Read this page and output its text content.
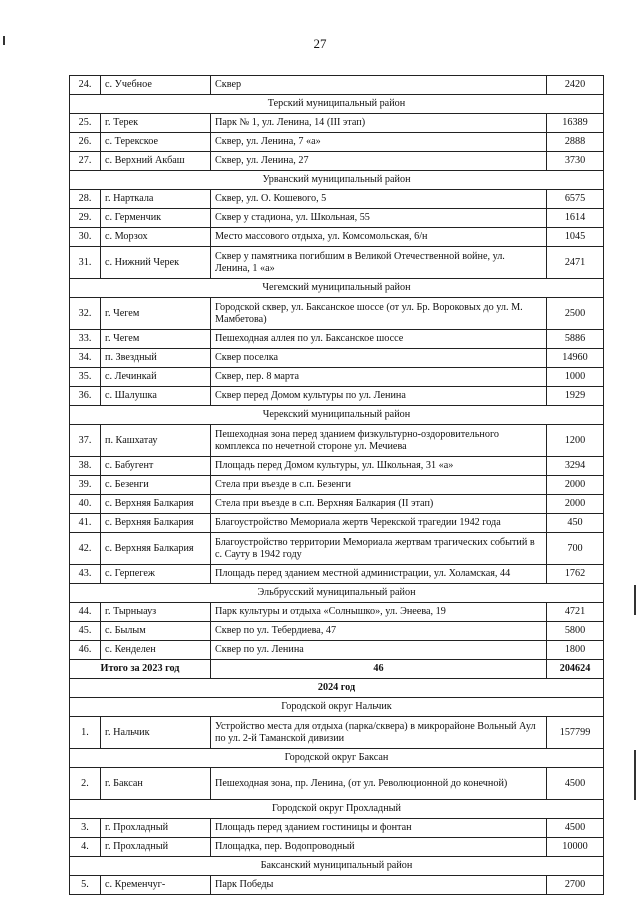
27
24.	с. Учебное	Сквер	2420
Терский муниципальный район			
25.	г. Терек	Парк № 1, ул. Ленина, 14 (III этап)	16389
26.	с. Терекское	Сквер, ул. Ленина, 7 «а»	2888
27.	с. Верхний Акбаш	Сквер, ул. Ленина, 27	3730
Урванский муниципальный район			
28.	г. Нарткала	Сквер, ул. О. Кошевого, 5	6575
29.	с. Герменчик	Сквер у стадиона, ул. Школьная, 55	1614
30.	с. Морзох	Место массового отдыха, ул. Комсомольская, 6/н	1045
31.	с. Нижний Черек	Сквер у памятника погибшим в Великой Отечественной войне, ул. Ленина, 1 «а»	2471
Чегемский муниципальный район			
32.	г. Чегем	Городской сквер, ул. Баксанское шоссе (от ул. Бр. Вороковых до ул. М. Мамбетова)	2500
33.	г. Чегем	Пешеходная аллея по ул. Баксанское шоссе	5886
34.	п. Звездный	Сквер поселка	14960
35.	с. Лечинкай	Сквер, пер. 8 марта	1000
36.	с. Шалушка	Сквер перед Домом культуры по ул. Ленина	1929
Черекский муниципальный район			
37.	п. Кашхатау	Пешеходная зона перед зданием физкультурно-оздоровительного комплекса по нечетной стороне ул. Мечиева	1200
38.	с. Бабугент	Площадь перед Домом культуры, ул. Школьная, 31 «а»	3294
39.	с. Безенги	Стела при въезде в с.п. Безенги	2000
40.	с. Верхняя Балкария	Стела при въезде в с.п. Верхняя Балкария (II этап)	2000
41.	с. Верхняя Балкария	Благоустройство Мемориала жертв Черекской трагедии 1942 года	450
42.	с. Верхняя Балкария	Благоустройство территории Мемориала жертвам трагических событий в с. Сауту в 1942 году	700
43.	с. Герпегеж	Площадь перед зданием местной администрации, ул. Холамская, 44	1762
Эльбрусский муниципальный район			
44.	г. Тырныауз	Парк культуры и отдыха «Солнышко», ул. Энеева, 19	4721
45.	с. Былым	Сквер по ул. Тебердиева, 47	5800
46.	с. Кенделен	Сквер по ул. Ленина	1800
Итого за 2023 год		46	204624
2024 год			
Городской округ Нальчик			
1.	г. Нальчик	Устройство места для отдыха (парка/сквера) в микрорайоне Вольный Аул по ул. 2-й Таманской дивизии	157799
Городской округ Баксан			
2.	г. Баксан	Пешеходная зона, пр. Ленина, (от ул. Революционной до конечной)	4500
Городской округ Прохладный			
3.	г. Прохладный	Площадь перед зданием гостиницы и фонтан	4500
4.	г. Прохладный	Площадка, пер. Водопроводный	10000
Баксанский муниципальный район			
5.	с. Кременчуг-	Парк Победы	2700
